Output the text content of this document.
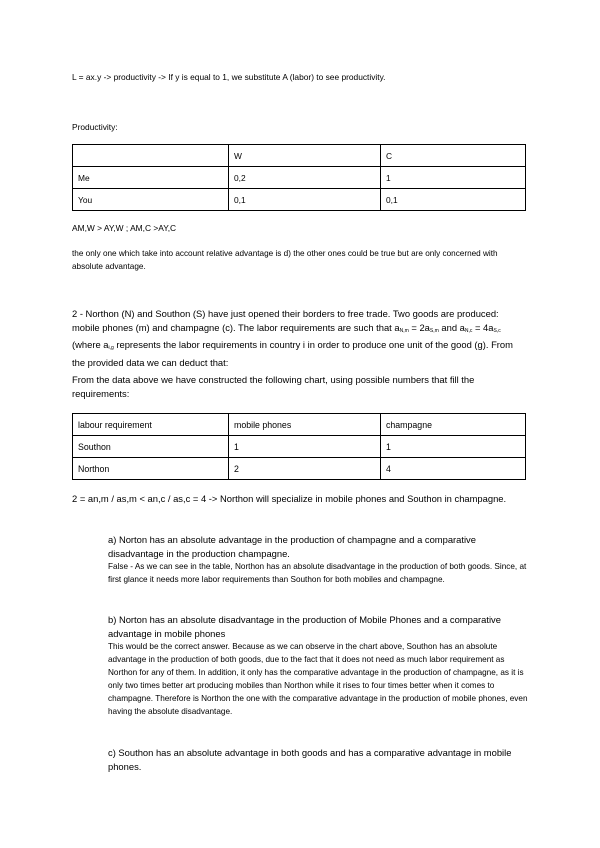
L = ax.y -> productivity -> If y is equal to 1, we substitute A (labor) to see productivity.

Productivity:

	W	C
Me	0,2	1
You	0,1	0,1

AM,W > AY,W ; AM,C >AY,C

the only one which take into account relative advantage is d) the other ones could be true but are only concerned with absolute advantage.

2 - Northon (N) and Southon (S) have just opened their borders to free trade. Two goods are produced: mobile phones (m) and champagne (c). The labor requirements are such that $a_{N,m} = 2a_{S,m}$ and $a_{N,c} = 4a_{S,c}$ (where $a_{i,g}$ represents the labor requirements in country i in order to produce one unit of the good (g). From the provided data we can deduct that:

From the data above we have constructed the following chart, using possible numbers that fill the requirements:

labour requirement	mobile phones	champagne
Southon	1	1
Northon	2	4

2 = an,m / as,m < an,c / as,c = 4 -> Northon will specialize in mobile phones and Southon in champagne.

a) Norton has an absolute advantage in the production of champagne and a comparative disadvantage in the production champagne.

False - As we can see in the table, Northon has an absolute disadvantage in the production of both goods. Since, at first glance it needs more labor requirements than Southon for both mobiles and champagne.

b) Norton has an absolute disadvantage in the production of Mobile Phones and a comparative advantage in mobile phones

This would be the correct answer. Because as we can observe in the chart above, Southon has an absolute advantage in the production of both goods, due to the fact that it does not need as much labor requirement as Northon for any of them. In addition, it only has the comparative advantage in the production of champagne, as it is only two times better art producing mobiles than Northon while it rises to four times better when it comes to champagne. Therefore is Northon the one with the comparative advantage in the production of mobile phones, even having the absolute disadvantage.

c) Southon has an absolute advantage in both goods and has a comparative advantage in mobile phones.
